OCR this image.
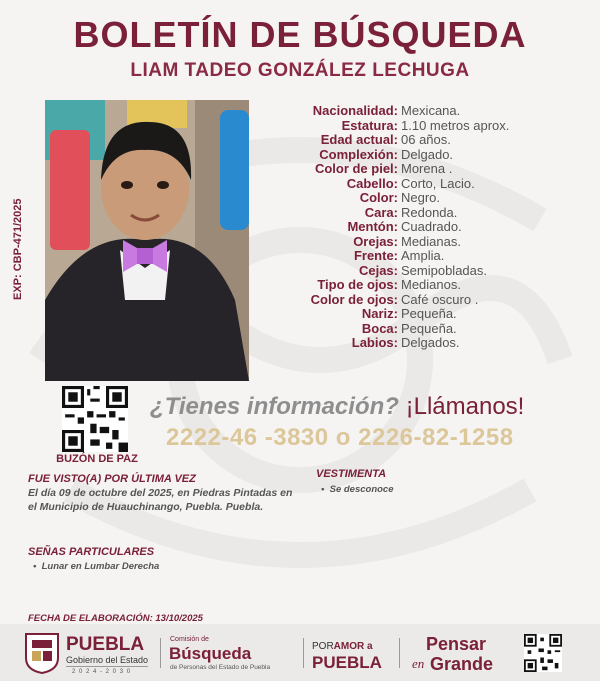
BOLETÍN DE BÚSQUEDA
LIAM TADEO GONZÁLEZ LECHUGA
EXP: CBP-471/2025
Nacionalidad: Mexicana.
Estatura: 1.10 metros aprox.
Edad actual: 06 años.
Complexión: Delgado.
Color de piel: Morena .
Cabello: Corto, Lacio.
Color: Negro.
Cara: Redonda.
Mentón: Cuadrado.
Orejas: Medianas.
Frente: Amplia.
Cejas: Semipobladas.
Tipo de ojos: Medianos.
Color de ojos: Café oscuro .
Nariz: Pequeña.
Boca: Pequeña.
Labios: Delgados.
BUZÓN DE PAZ
¿Tienes información? ¡Llámanos!
2222-46 -3830 o 2226-82-1258
FUE VISTO(A) POR ÚLTIMA VEZ
El día 09 de octubre del 2025, en Piedras Pintadas en
el Municipio de Huauchinango, Puebla. Puebla.
VESTIMENTA
•  Se desconoce
SEÑAS PARTICULARES
•  Lunar en Lumbar Derecha
FECHA DE ELABORACIÓN: 13/10/2025
PUEBLA
Gobierno del Estado
2 0 2 4 - 2 0 3 0
Comisión de
Búsqueda
de Personas del Estado de Puebla
PORAMOR a
PUEBLA
Pensar
en Grande
